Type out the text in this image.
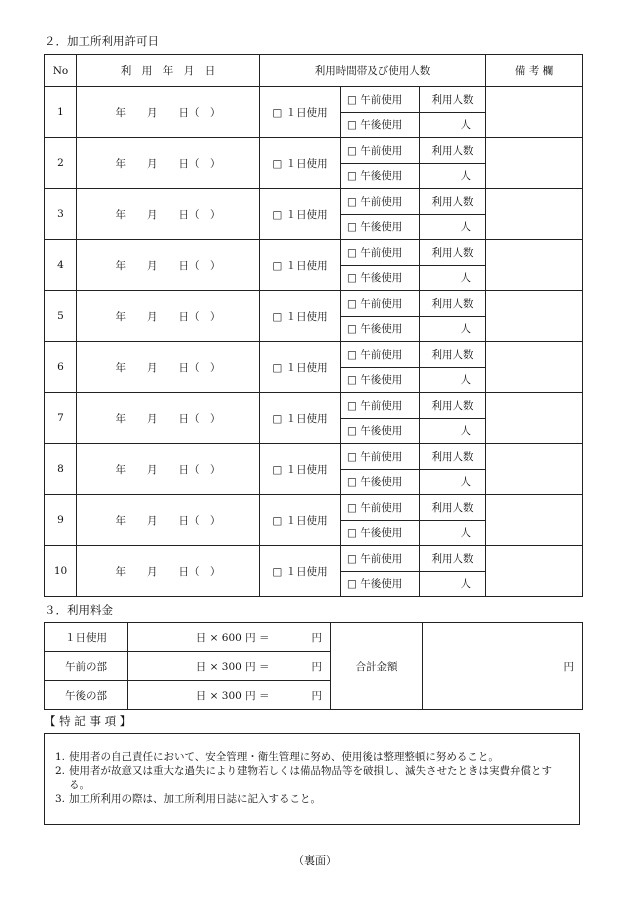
２．加工所利用許可日
No	利　用　年　月　日	利用時間帯及び使用人数			備 考 欄
1	年　　月　　日（　）	□ １日使用	□ 午前使用	利用人数	
			□ 午後使用	人	
2	年　　月　　日（　）	□ １日使用	□ 午前使用	利用人数	
			□ 午後使用	人	
3	年　　月　　日（　）	□ １日使用	□ 午前使用	利用人数	
			□ 午後使用	人	
4	年　　月　　日（　）	□ １日使用	□ 午前使用	利用人数	
			□ 午後使用	人	
5	年　　月　　日（　）	□ １日使用	□ 午前使用	利用人数	
			□ 午後使用	人	
6	年　　月　　日（　）	□ １日使用	□ 午前使用	利用人数	
			□ 午後使用	人	
7	年　　月　　日（　）	□ １日使用	□ 午前使用	利用人数	
			□ 午後使用	人	
8	年　　月　　日（　）	□ １日使用	□ 午前使用	利用人数	
			□ 午後使用	人	
9	年　　月　　日（　）	□ １日使用	□ 午前使用	利用人数	
			□ 午後使用	人	
10	年　　月　　日（　）	□ １日使用	□ 午前使用	利用人数	
			□ 午後使用	人	
３．利用料金
１日使用	日 × 600 円 ＝　　　　円	合計金額	円
午前の部	日 × 300 円 ＝　　　　円		
午後の部	日 × 300 円 ＝　　　　円		
【 特 記 事 項 】
1. 使用者の自己責任において、安全管理・衛生管理に努め、使用後は整理整頓に努めること。
2. 使用者が故意又は重大な過失により建物若しくは備品物品等を破損し、滅失させたときは実費弁償とする。
3. 加工所利用の際は、加工所利用日誌に記入すること。
（裏面）
